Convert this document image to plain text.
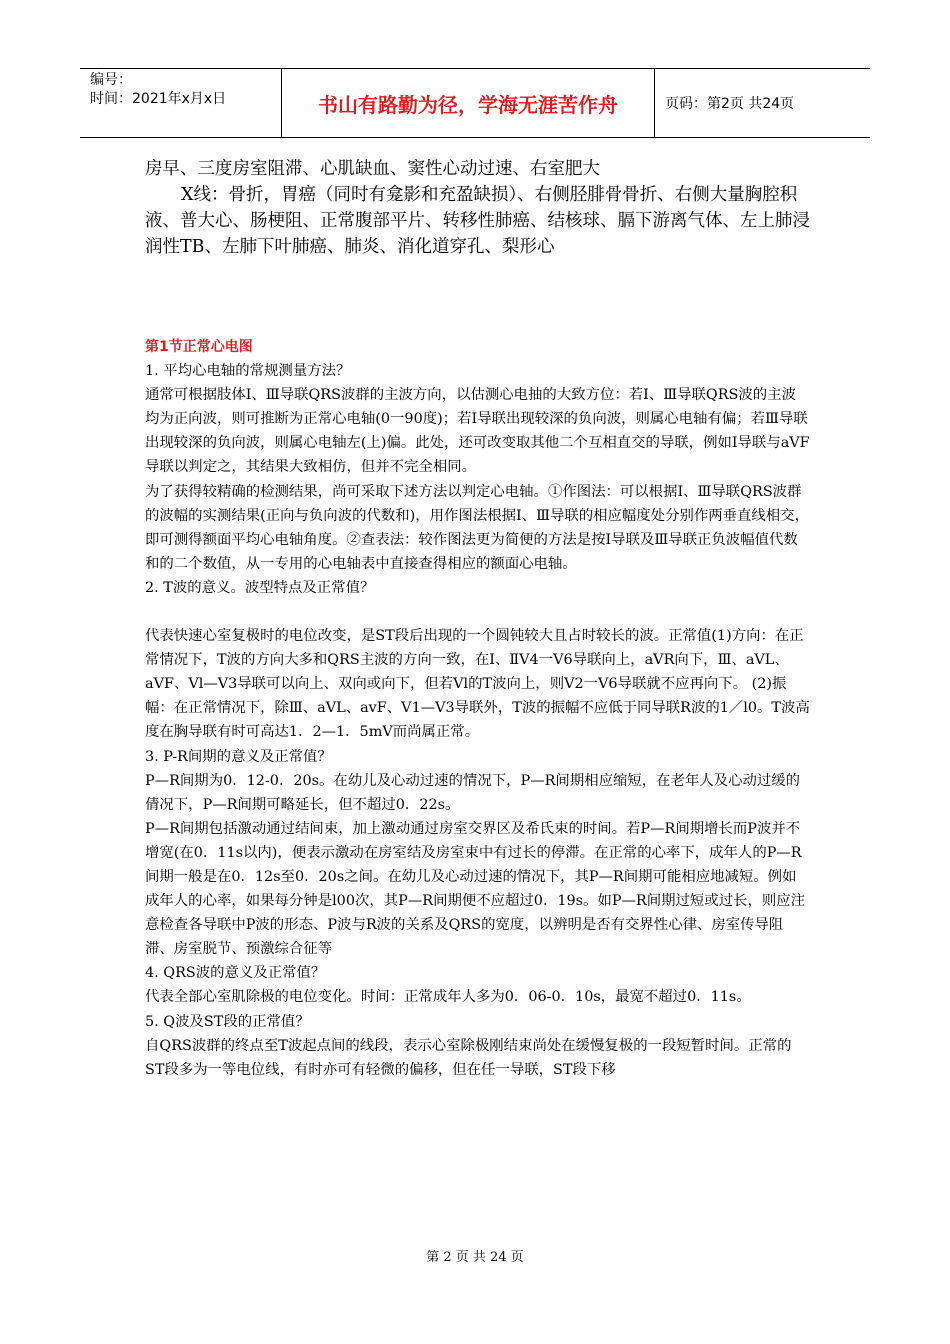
编号：
时间：2021年x月x日	书山有路勤为径，学海无涯苦作舟	页码：第2页 共24页

房早、三度房室阻滞、心肌缺血、窦性心动过速、右室肥大

X线：骨折，胃癌（同时有龛影和充盈缺损）、右侧胫腓骨骨折、右侧大量胸腔积液、普大心、肠梗阻、正常腹部平片、转移性肺癌、结核球、膈下游离气体、左上肺浸润性TB、左肺下叶肺癌、肺炎、消化道穿孔、梨形心

第1节正常心电图

1. 平均心电轴的常规测量方法？

通常可根据肢体Ⅰ、Ⅲ导联QRS波群的主波方向，以估测心电抽的大致方位：若I、Ⅲ导联QRS波的主波均为正向波，则可推断为正常心电轴(0一90度)；若I导联出现较深的负向波，则属心电轴有偏；若Ⅲ导联出现较深的负向波，则属心电轴左(上)偏。此处，还可改变取其他二个互相直交的导联，例如I导联与aVF导联以判定之，其结果大致相仿，但并不完全相同。

为了获得较精确的检测结果，尚可采取下述方法以判定心电轴。①作图法：可以根据I、Ⅲ导联QRS波群的波幅的实测结果(正向与负向波的代数和)，用作图法根据I、Ⅲ导联的相应幅度处分别作两垂直线相交，即可测得额面平均心电轴角度。②查表法：较作图法更为简便的方法是按I导联及Ⅲ导联正负波幅值代数和的二个数值，从一专用的心电轴表中直接查得相应的额面心电轴。

2. T波的意义。波型特点及正常值？

代表快速心室复极时的电位改变，是ST段后出现的一个圆钝较大且占时较长的波。正常值(1)方向：在正常情况下，T波的方向大多和QRS主波的方向一致，在Ⅰ、ⅡV4一V6导联向上，aVR向下，Ⅲ、aVL、aVF、Vl—V3导联可以向上、双向或向下，但若Vl的T波向上，则V2一V6导联就不应再向下。 (2)振幅：在正常情况下，除Ⅲ、aVL、avF、V1—V3导联外，T波的振幅不应低于同导联R波的1／l0。T波高度在胸导联有时可高达1．2—1．5mV而尚属正常。

3. P-R间期的意义及正常值？

P—R间期为0．12-0．20s。在幼儿及心动过速的情况下，P—R间期相应缩短，在老年人及心动过缓的倩况下，P—R间期可略延长，但不超过0．22s。

P—R间期包括激动通过结间束，加上激动通过房室交界区及希氏束的时间。若P—R间期增长而P波并不增宽(在0．11s以内)，便表示激动在房室结及房室束中有过长的停滞。在正常的心率下，成年人的P—R间期一般是在0．12s至0．20s之间。在幼儿及心动过速的情况下，其P—R间期可能相应地减短。例如成年人的心率，如果每分钟是l00次，其P—R间期便不应超过0．19s。如P—R间期过短或过长，则应注意检查各导联中P波的形态、P波与R波的关系及QRS的宽度，以辨明是否有交界性心律、房室传导阻滞、房室脱节、预激综合征等

4. QRS波的意义及正常值？

代表全部心室肌除极的电位变化。时间：正常成年人多为0．06-0．10s，最宽不超过0．11s。

5. Q波及ST段的正常值？

自QRS波群的终点至T波起点间的线段，表示心室除极刚结束尚处在缓慢复极的一段短暂时间。正常的ST段多为一等电位线，有时亦可有轻微的偏移，但在任一导联，ST段下移

第 2 页 共 24 页
